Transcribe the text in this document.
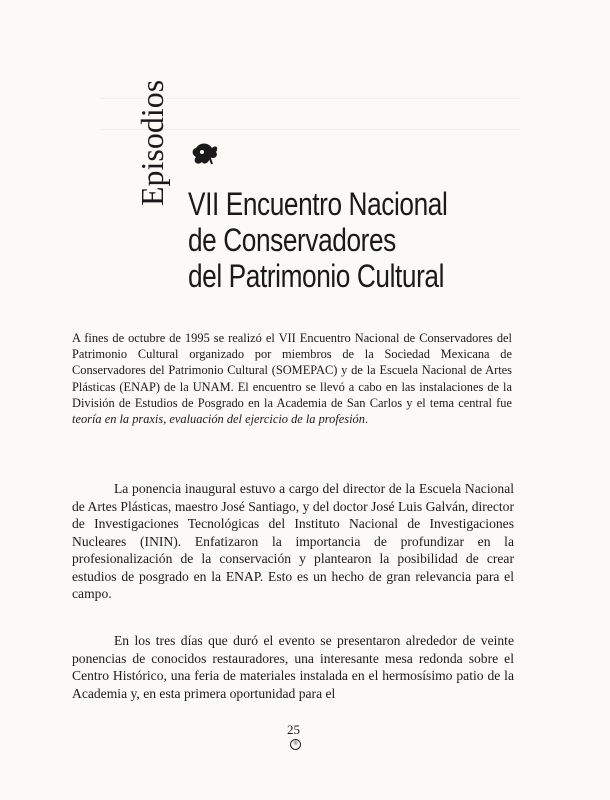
Episodios VII Encuentro Nacional
de Conservadores
del Patrimonio Cultural
A fines de octubre de 1995 se realizó el VII Encuentro Nacional de Conservadores del Patrimonio Cultural organizado por miembros de la Sociedad Mexicana de Conservadores del Patrimonio Cultural (SOMEPAC) y de la Escuela Nacional de Artes Plásticas (ENAP) de la UNAM. El encuentro se llevó a cabo en las instalaciones de la División de Estudios de Posgrado en la Academia de San Carlos y el tema central fue teoría en la praxis, evaluación del ejercicio de la profesión.
La ponencia inaugural estuvo a cargo del director de la Escuela Nacional de Artes Plásticas, maestro José Santiago, y del doctor José Luis Galván, director de Investigaciones Tecnológicas del Instituto Nacional de Investigaciones Nucleares (ININ). Enfatizaron la importancia de profundizar en la profesionalización de la conservación y plantearon la posibilidad de crear estudios de posgrado en la ENAP. Esto es un hecho de gran relevancia para el campo.
En los tres días que duró el evento se presentaron alrededor de veinte ponencias de conocidos restauradores, una interesante mesa redonda sobre el Centro Histórico, una feria de materiales instalada en el hermosísimo patio de la Academia y, en esta primera oportunidad para el
25
®
